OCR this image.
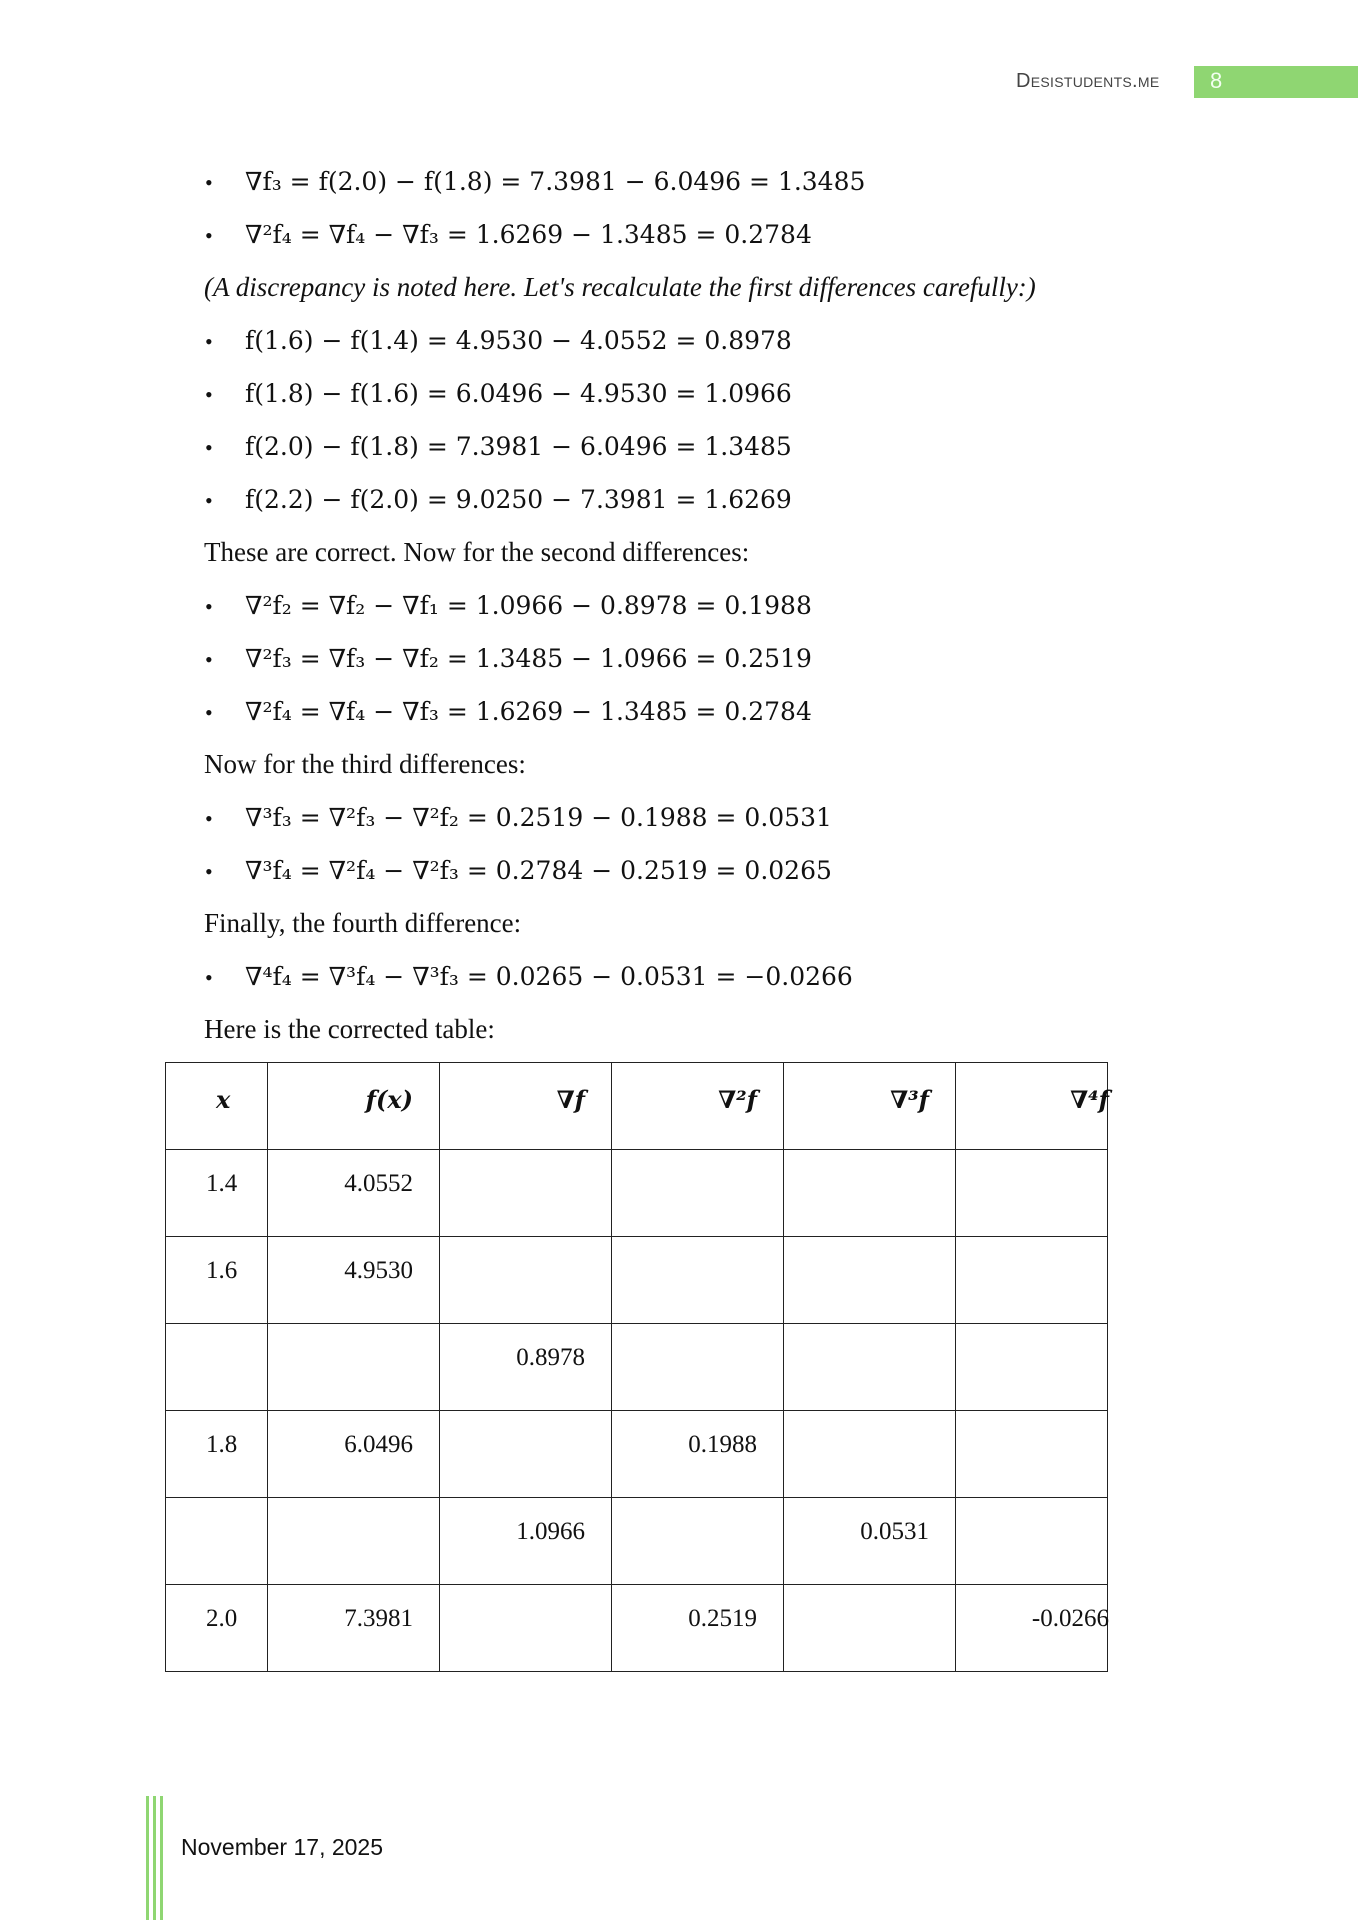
Desistudents.me 8
• ∇f₃ = f(2.0) − f(1.8) = 7.3981 − 6.0496 = 1.3485
• ∇²f₄ = ∇f₄ − ∇f₃ = 1.6269 − 1.3485 = 0.2784
(A discrepancy is noted here. Let's recalculate the first differences carefully:)
• f(1.6) − f(1.4) = 4.9530 − 4.0552 = 0.8978
• f(1.8) − f(1.6) = 6.0496 − 4.9530 = 1.0966
• f(2.0) − f(1.8) = 7.3981 − 6.0496 = 1.3485
• f(2.2) − f(2.0) = 9.0250 − 7.3981 = 1.6269
These are correct. Now for the second differences:
• ∇²f₂ = ∇f₂ − ∇f₁ = 1.0966 − 0.8978 = 0.1988
• ∇²f₃ = ∇f₃ − ∇f₂ = 1.3485 − 1.0966 = 0.2519
• ∇²f₄ = ∇f₄ − ∇f₃ = 1.6269 − 1.3485 = 0.2784
Now for the third differences:
• ∇³f₃ = ∇²f₃ − ∇²f₂ = 0.2519 − 0.1988 = 0.0531
• ∇³f₄ = ∇²f₄ − ∇²f₃ = 0.2784 − 0.2519 = 0.0265
Finally, the fourth difference:
• ∇⁴f₄ = ∇³f₄ − ∇³f₃ = 0.0265 − 0.0531 = −0.0266
Here is the corrected table:
x	f(x)	∇f	∇²f	∇³f	∇⁴f

1.4	4.0552				

1.6	4.9530				

		0.8978			

1.8	6.0496		0.1988		

		1.0966		0.0531	

2.0	7.3981		0.2519		-0.0266
November 17, 2025
